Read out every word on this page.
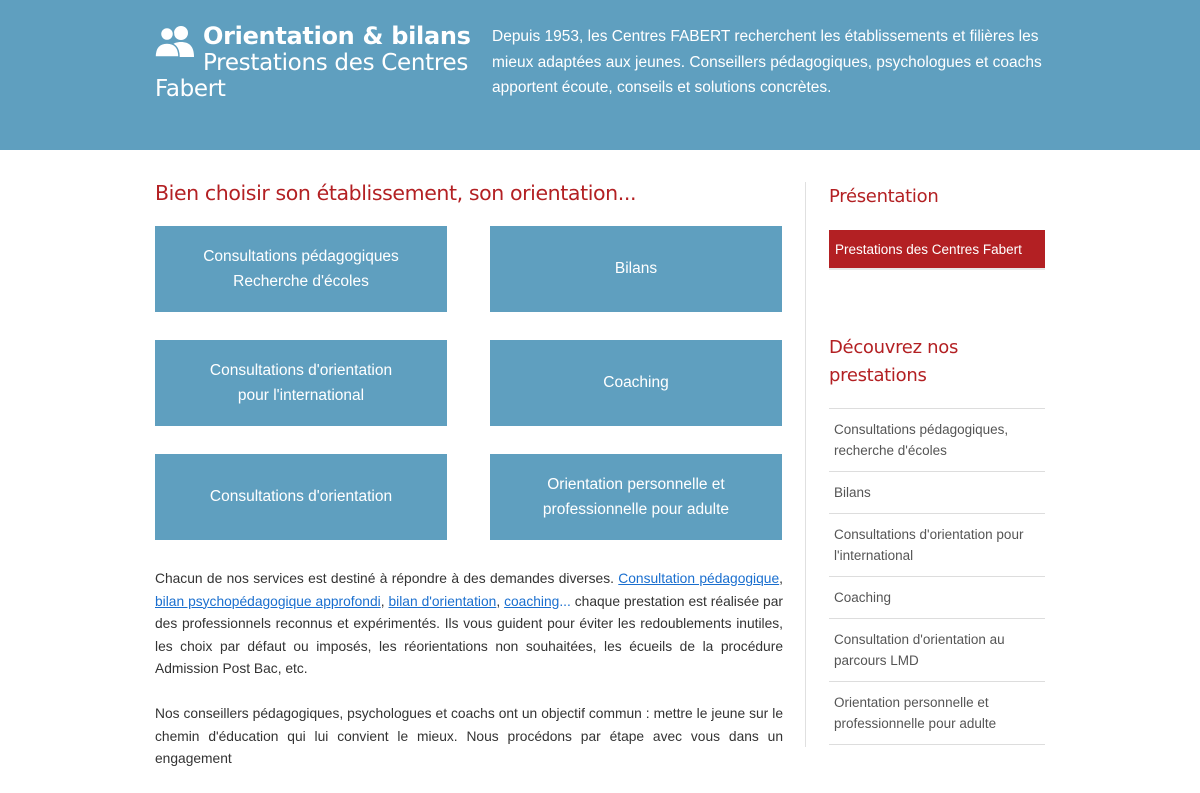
Orientation & bilans
Prestations des Centres Fabert
Depuis 1953, les Centres FABERT recherchent les établissements et filières les mieux adaptées aux jeunes. Conseillers pédagogiques, psychologues et coachs apportent écoute, conseils et solutions concrètes.
Bien choisir son établissement, son orientation...
Consultations pédagogiques
Recherche d'écoles
Bilans
Consultations d'orientation
pour l'international
Coaching
Consultations d'orientation
Orientation personnelle et
professionnelle pour adulte

Chacun de nos services est destiné à répondre à des demandes diverses. Consultation pédagogique, bilan psychopédagogique approfondi, bilan d'orientation, coaching... chaque prestation est réalisée par des professionnels reconnus et expérimentés. Ils vous guident pour éviter les redoublements inutiles, les choix par défaut ou imposés, les réorientations non souhaitées, les écueils de la procédure Admission Post Bac, etc.

Nos conseillers pédagogiques, psychologues et coachs ont un objectif commun : mettre le jeune sur le chemin d'éducation qui lui convient le mieux. Nous procédons par étape avec vous dans un engagement

Présentation
Prestations des Centres Fabert
Découvrez nos prestations
Consultations pédagogiques, recherche d'écoles
Bilans
Consultations d'orientation pour l'international
Coaching
Consultation d'orientation au parcours LMD
Orientation personnelle et professionnelle pour adulte
